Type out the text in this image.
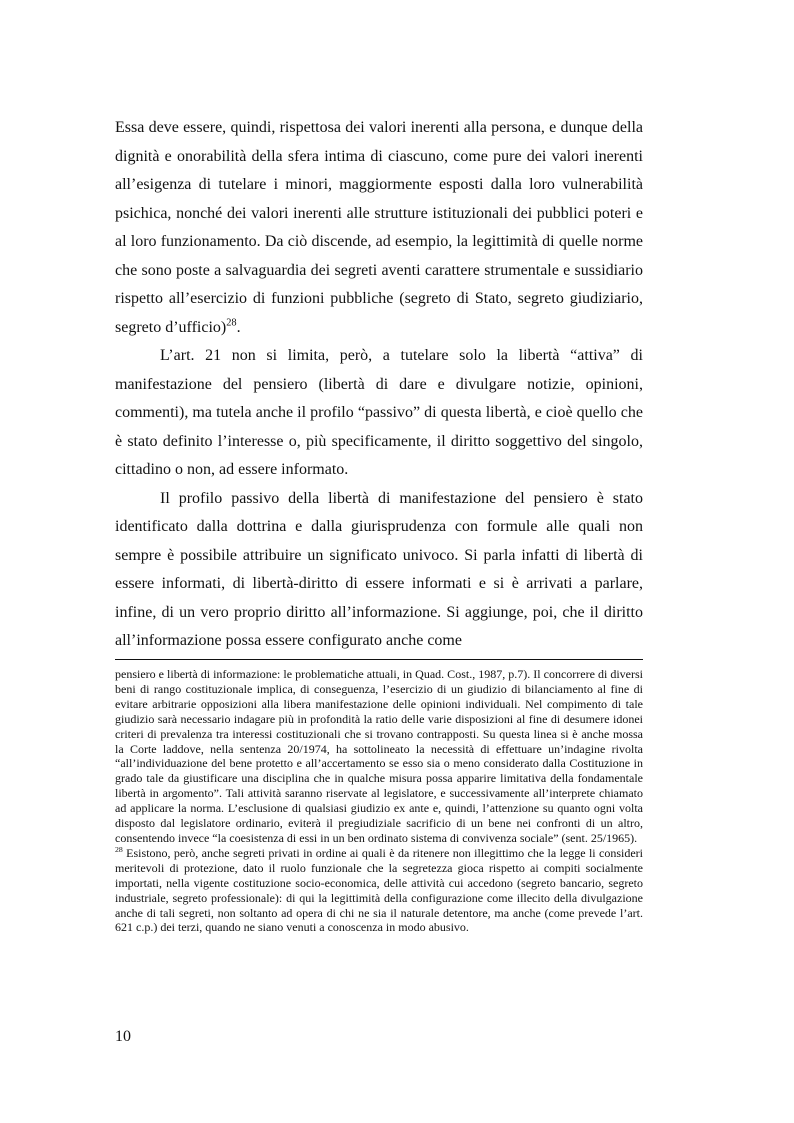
Essa deve essere, quindi, rispettosa dei valori inerenti alla persona, e dunque della dignità e onorabilità della sfera intima di ciascuno, come pure dei valori inerenti all’esigenza di tutelare i minori, maggiormente esposti dalla loro vulnerabilità psichica, nonché dei valori inerenti alle strutture istituzionali dei pubblici poteri e al loro funzionamento. Da ciò discende, ad esempio, la legittimità di quelle norme che sono poste a salvaguardia dei segreti aventi carattere strumentale e sussidiario rispetto all’esercizio di funzioni pubbliche (segreto di Stato, segreto giudiziario, segreto d’ufficio)$^{28}$.

L’art. 21 non si limita, però, a tutelare solo la libertà “attiva” di manifestazione del pensiero (libertà di dare e divulgare notizie, opinioni, commenti), ma tutela anche il profilo “passivo” di questa libertà, e cioè quello che è stato definito l’interesse o, più specificamente, il diritto soggettivo del singolo, cittadino o non, ad essere informato.

Il profilo passivo della libertà di manifestazione del pensiero è stato identificato dalla dottrina e dalla giurisprudenza con formule alle quali non sempre è possibile attribuire un significato univoco. Si parla infatti di libertà di essere informati, di libertà-diritto di essere informati e si è arrivati a parlare, infine, di un vero proprio diritto all’informazione. Si aggiunge, poi, che il diritto all’informazione possa essere configurato anche come

pensiero e libertà di informazione: le problematiche attuali, in Quad. Cost., 1987, p.7). Il concorrere di diversi beni di rango costituzionale implica, di conseguenza, l’esercizio di un giudizio di bilanciamento al fine di evitare arbitrarie opposizioni alla libera manifestazione delle opinioni individuali. Nel compimento di tale giudizio sarà necessario indagare più in profondità la ratio delle varie disposizioni al fine di desumere idonei criteri di prevalenza tra interessi costituzionali che si trovano contrapposti. Su questa linea si è anche mossa la Corte laddove, nella sentenza 20/1974, ha sottolineato la necessità di effettuare un’indagine rivolta “all’individuazione del bene protetto e all’accertamento se esso sia o meno considerato dalla Costituzione in grado tale da giustificare una disciplina che in qualche misura possa apparire limitativa della fondamentale libertà in argomento”. Tali attività saranno riservate al legislatore, e successivamente all’interprete chiamato ad applicare la norma. L’esclusione di qualsiasi giudizio ex ante e, quindi, l’attenzione su quanto ogni volta disposto dal legislatore ordinario, eviterà il pregiudiziale sacrificio di un bene nei confronti di un altro, consentendo invece “la coesistenza di essi in un ben ordinato sistema di convivenza sociale” (sent. 25/1965).

$^{28}$ Esistono, però, anche segreti privati in ordine ai quali è da ritenere non illegittimo che la legge li consideri meritevoli di protezione, dato il ruolo funzionale che la segretezza gioca rispetto ai compiti socialmente importati, nella vigente costituzione socio-economica, delle attività cui accedono (segreto bancario, segreto industriale, segreto professionale): di qui la legittimità della configurazione come illecito della divulgazione anche di tali segreti, non soltanto ad opera di chi ne sia il naturale detentore, ma anche (come prevede l’art. 621 c.p.) dei terzi, quando ne siano venuti a conoscenza in modo abusivo.

10
